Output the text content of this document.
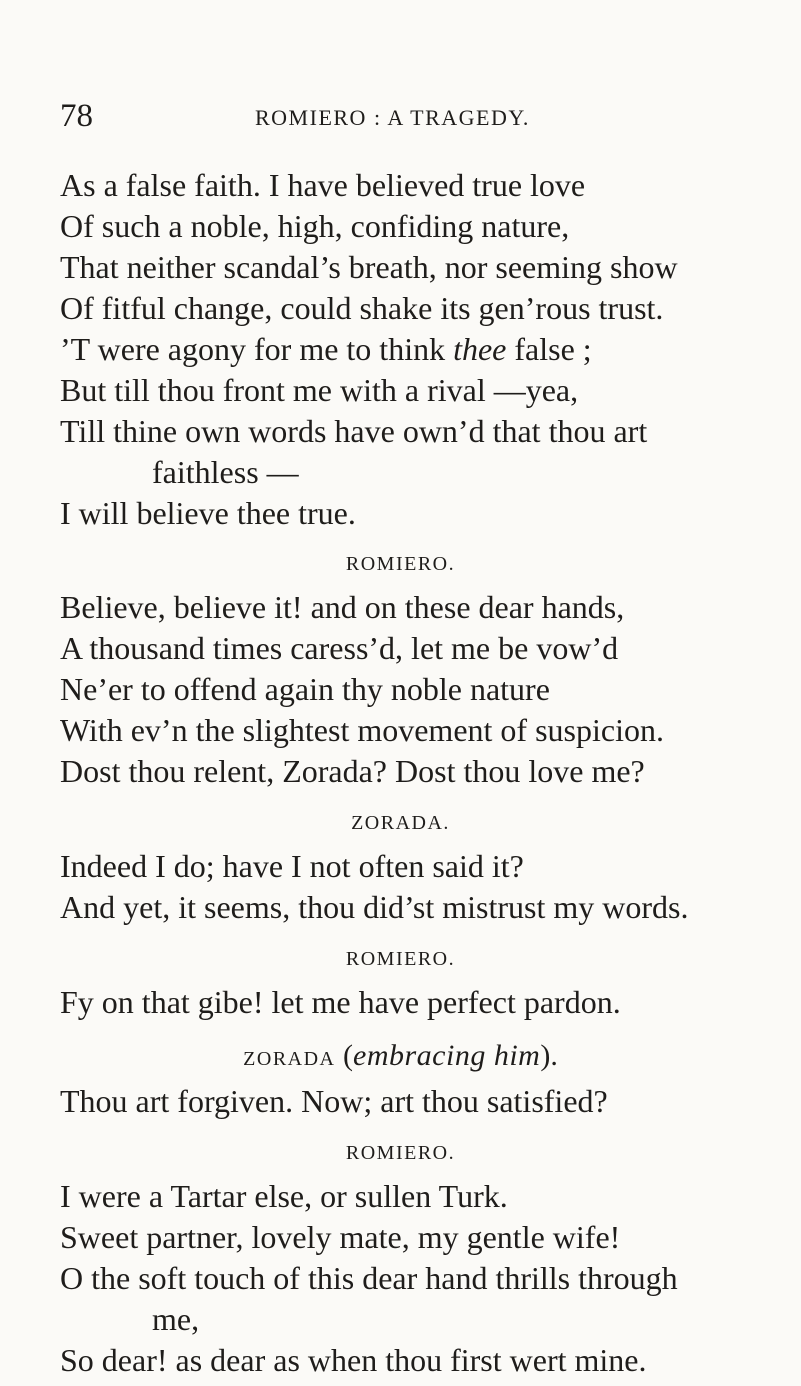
78	ROMIERO : A TRAGEDY.
As a false faith. I have believed true love
Of such a noble, high, confiding nature,
That neither scandal’s breath, nor seeming show
Of fitful change, could shake its gen’rous trust.
’T were agony for me to think thee false ;
But till thou front me with a rival —yea,
Till thine own words have own’d that thou art
faithless —
I will believe thee true.
ROMIERO.
Believe, believe it! and on these dear hands,
A thousand times caress’d, let me be vow’d
Ne’er to offend again thy noble nature
With ev’n the slightest movement of suspicion.
Dost thou relent, Zorada? Dost thou love me?
ZORADA.
Indeed I do; have I not often said it?
And yet, it seems, thou did’st mistrust my words.
ROMIERO.
Fy on that gibe! let me have perfect pardon.
ZORADA (embracing him).
Thou art forgiven. Now; art thou satisfied?
ROMIERO.
I were a Tartar else, or sullen Turk.
Sweet partner, lovely mate, my gentle wife!
O the soft touch of this dear hand thrills through
me,
So dear! as dear as when thou first wert mine.
